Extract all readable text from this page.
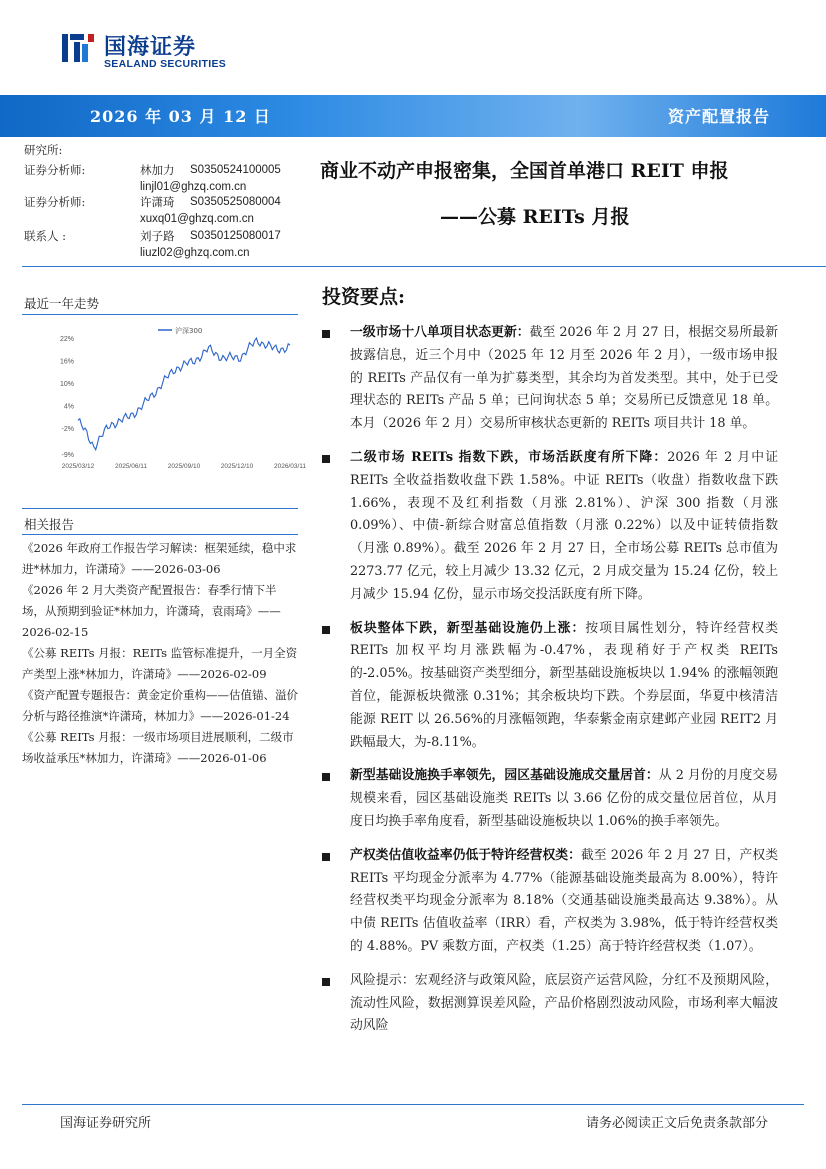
国海证券
SEALAND SECURITIES
2026 年 03 月 12 日	资产配置报告
研究所:
证券分析师:	林加力 S0350524100005
linjl01@ghzq.com.cn
证券分析师:	许潇琦 S0350525080004
xuxq01@ghzq.com.cn
联系人 :	刘子路 S0350125080017
liuzl02@ghzq.com.cn
商业不动产申报密集，全国首单港口 REIT 申报
——公募 REITs 月报
最近一年走势
-9%
-2%
4%
10%
16%
22%
2025/03/12	2025/06/11	2025/09/10	2025/12/10	2026/03/11
沪深300
相关报告

《2026 年政府工作报告学习解读：框架延续，稳中求进*林加力，许潇琦》——2026-03-06

《2026 年 2 月大类资产配置报告：春季行情下半场，从预期到验证*林加力，许潇琦，袁雨琦》——2026-02-15

《公募 REITs 月报：REITs 监管标准提升，一月全资产类型上涨*林加力，许潇琦》——2026-02-09

《资产配置专题报告：黄金定价重构——估值锚、溢价分析与路径推演*许潇琦，林加力》——2026-01-24

《公募 REITs 月报：一级市场项目进展顺利，二级市场收益承压*林加力，许潇琦》——2026-01-06

投资要点:
一级市场十八单项目状态更新：截至 2026 年 2 月 27 日，根据交易所最新披露信息，近三个月中（2025 年 12 月至 2026 年 2 月），一级市场申报的 REITs 产品仅有一单为扩募类型，其余均为首发类型。其中，处于已受理状态的 REITs 产品 5 单；已问询状态 5 单；交易所已反馈意见 18 单。本月（2026 年 2 月）交易所审核状态更新的 REITs 项目共计 18 单。
二级市场 REITs 指数下跌，市场活跃度有所下降：2026 年 2 月中证 REITs 全收益指数收盘下跌 1.58%。中证 REITs（收盘）指数收盘下跌 1.66%，表现不及红利指数（月涨 2.81%）、沪深 300 指数（月涨 0.09%）、中债-新综合财富总值指数（月涨 0.22%）以及中证转债指数（月涨 0.89%）。截至 2026 年 2 月 27 日，全市场公募 REITs 总市值为 2273.77 亿元，较上月减少 13.32 亿元，2 月成交量为 15.24 亿份，较上月减少 15.94 亿份，显示市场交投活跃度有所下降。
板块整体下跌，新型基础设施仍上涨：按项目属性划分，特许经营权类 REITs 加权平均月涨跌幅为-0.47%，表现稍好于产权类 REITs 的-2.05%。按基础资产类型细分，新型基础设施板块以 1.94% 的涨幅领跑首位，能源板块微涨 0.31%；其余板块均下跌。个券层面，华夏中核清洁能源 REIT 以 26.56%的月涨幅领跑，华泰紫金南京建邺产业园 REIT2 月跌幅最大，为-8.11%。
新型基础设施换手率领先，园区基础设施成交量居首：从 2 月份的月度交易规模来看，园区基础设施类 REITs 以 3.66 亿份的成交量位居首位，从月度日均换手率角度看，新型基础设施板块以 1.06%的换手率领先。
产权类估值收益率仍低于特许经营权类：截至 2026 年 2 月 27 日，产权类 REITs 平均现金分派率为 4.77%（能源基础设施类最高为 8.00%），特许经营权类平均现金分派率为 8.18%（交通基础设施类最高达 9.38%）。从中债 REITs 估值收益率（IRR）看，产权类为 3.98%，低于特许经营权类的 4.88%。PV 乘数方面，产权类（1.25）高于特许经营权类（1.07）。
风险提示：宏观经济与政策风险，底层资产运营风险，分红不及预期风险，流动性风险，数据测算误差风险，产品价格剧烈波动风险，市场利率大幅波动风险
国海证券研究所	请务必阅读正文后免责条款部分
